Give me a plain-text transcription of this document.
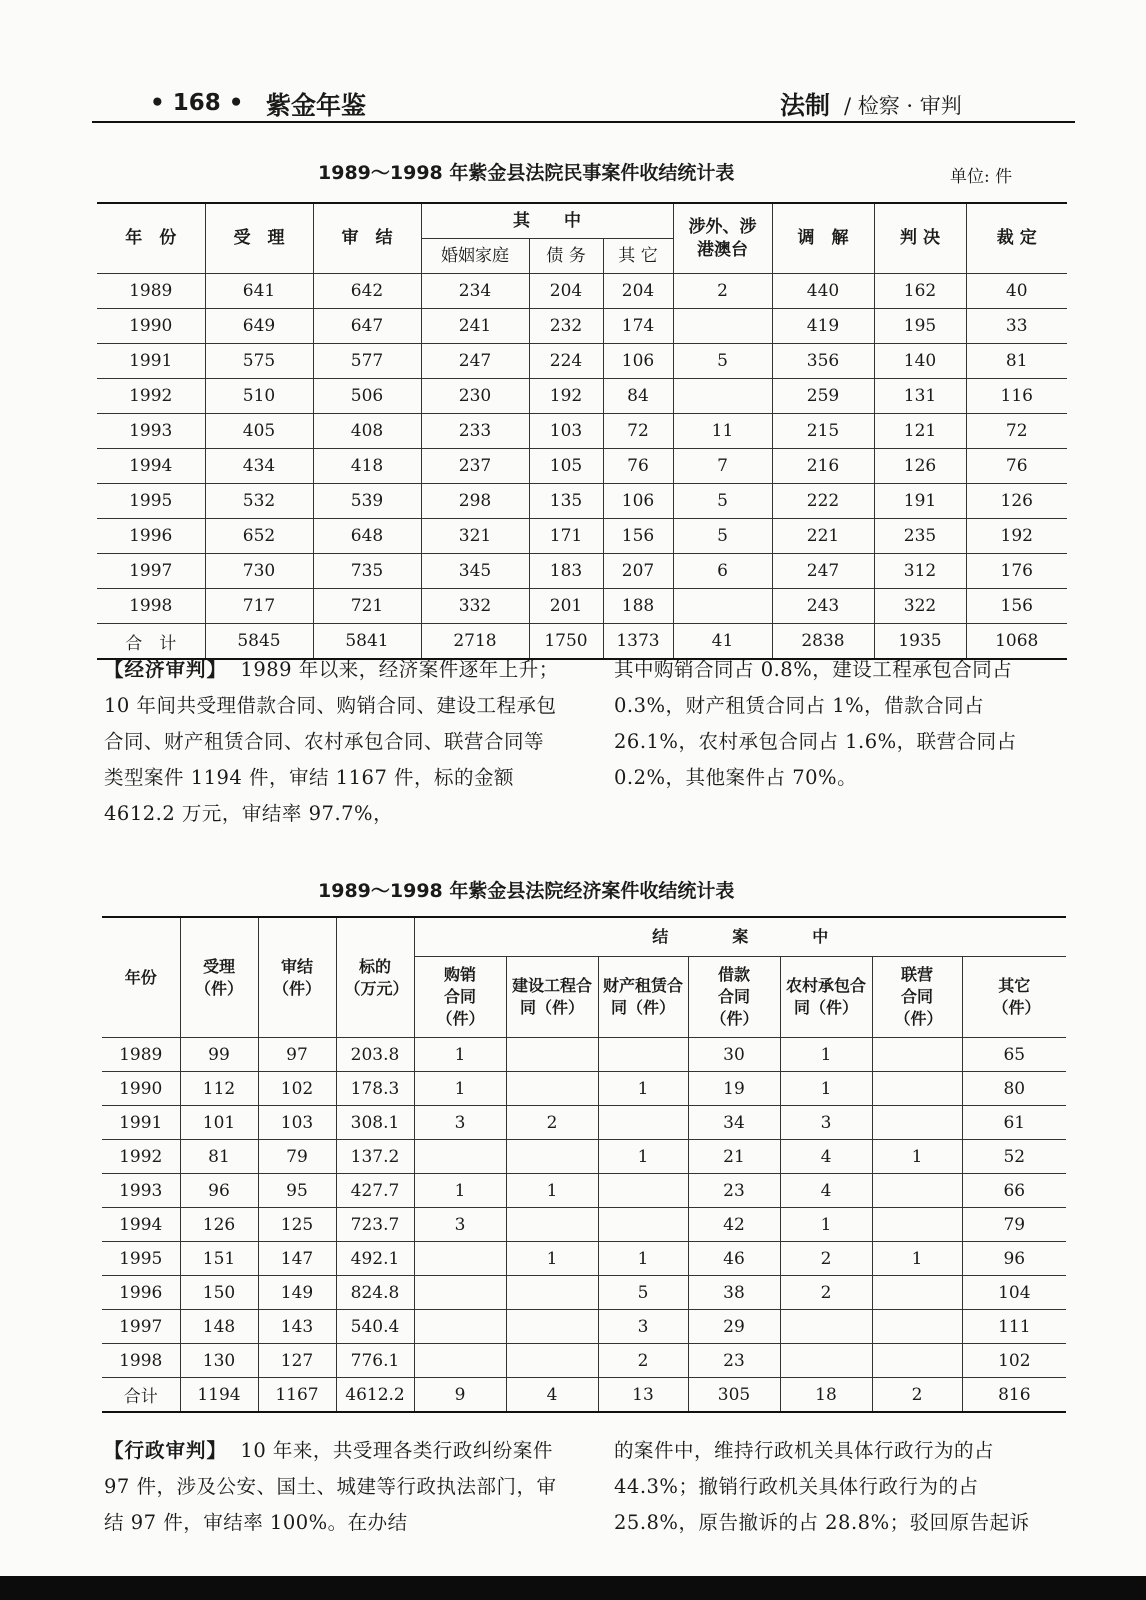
• 168 • 紫金年鉴	法制 / 检察 · 审判
1989～1998 年紫金县法院民事案件收结统计表	单位: 件
年　份	受　理	审　结	其　　中			涉外、涉港澳台	调　解	判 决	裁 定
			婚姻家庭	债 务	其 它				
1989	641	642	234	204	204	2	440	162	40
1990	649	647	241	232	174		419	195	33
1991	575	577	247	224	106	5	356	140	81
1992	510	506	230	192	84		259	131	116
1993	405	408	233	103	72	11	215	121	72
1994	434	418	237	105	76	7	216	126	76
1995	532	539	298	135	106	5	222	191	126
1996	652	648	321	171	156	5	221	235	192
1997	730	735	345	183	207	6	247	312	176
1998	717	721	332	201	188		243	322	156
合　计	5845	5841	2718	1750	1373	41	2838	1935	1068
【经济审判】 1989 年以来，经济案件逐年上升；10 年间共受理借款合同、购销合同、建设工程承包合同、财产租赁合同、农村承包合同、联营合同等类型案件 1194 件，审结 1167 件，标的金额 4612.2 万元，审结率 97.7%，
其中购销合同占 0.8%，建设工程承包合同占 0.3%，财产租赁合同占 1%，借款合同占 26.1%，农村承包合同占 1.6%，联营合同占 0.2%，其他案件占 70%。
1989～1998 年紫金县法院经济案件收结统计表
年份	受理（件）	审结（件）	标的（万元）	结　　　　案　　　　中						
				购销合同（件）	建设工程合同（件）	财产租赁合同（件）	借款合同（件）	农村承包合同（件）	联营合同（件）	其它（件）
1989	99	97	203.8	1			30	1		65
1990	112	102	178.3	1		1	19	1		80
1991	101	103	308.1	3	2		34	3		61
1992	81	79	137.2			1	21	4	1	52
1993	96	95	427.7	1	1		23	4		66
1994	126	125	723.7	3			42	1		79
1995	151	147	492.1		1	1	46	2	1	96
1996	150	149	824.8			5	38	2		104
1997	148	143	540.4			3	29			111
1998	130	127	776.1			2	23			102
合计	1194	1167	4612.2	9	4	13	305	18	2	816
【行政审判】 10 年来，共受理各类行政纠纷案件 97 件，涉及公安、国土、城建等行政执法部门，审结 97 件，审结率 100%。在办结
的案件中，维持行政机关具体行政行为的占 44.3%；撤销行政机关具体行政行为的占 25.8%，原告撤诉的占 28.8%；驳回原告起诉
